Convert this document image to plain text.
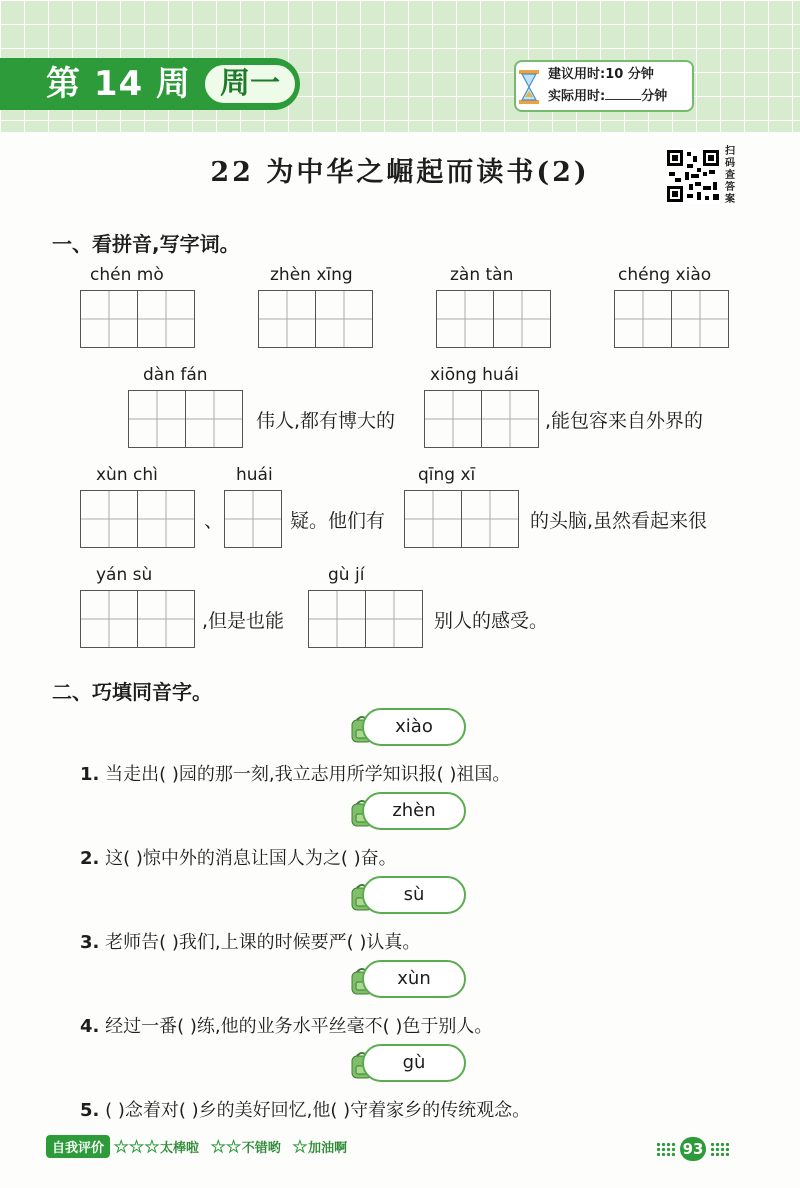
第 14 周 周一	建议用时:10 分钟
实际用时:	分钟
22 为中华之崛起而读书(2)
扫码查答案
一、看拼音,写字词。
chén mò	zhèn xīng	zàn tàn	chéng xiào
dàn fán
伟人,都有博大的
xiōng huái
,能包容来自外界的
xùn chì
、
huái
疑。他们有
qīng xī
的头脑,虽然看起来很
yán sù
,但是也能
gù jí
别人的感受。
二、巧填同音字。
xiào
1. 当走出( )园的那一刻,我立志用所学知识报( )祖国。
zhèn
2. 这( )惊中外的消息让国人为之( )奋。
sù
3. 老师告( )我们,上课的时候要严( )认真。
xùn
4. 经过一番( )练,他的业务水平丝毫不( )色于别人。
gù
5. ( )念着对( )乡的美好回忆,他( )守着家乡的传统观念。
自我评价 ★ ★ ★ 太棒啦 ★ ★ 不错哟 ★ 加油啊	93
